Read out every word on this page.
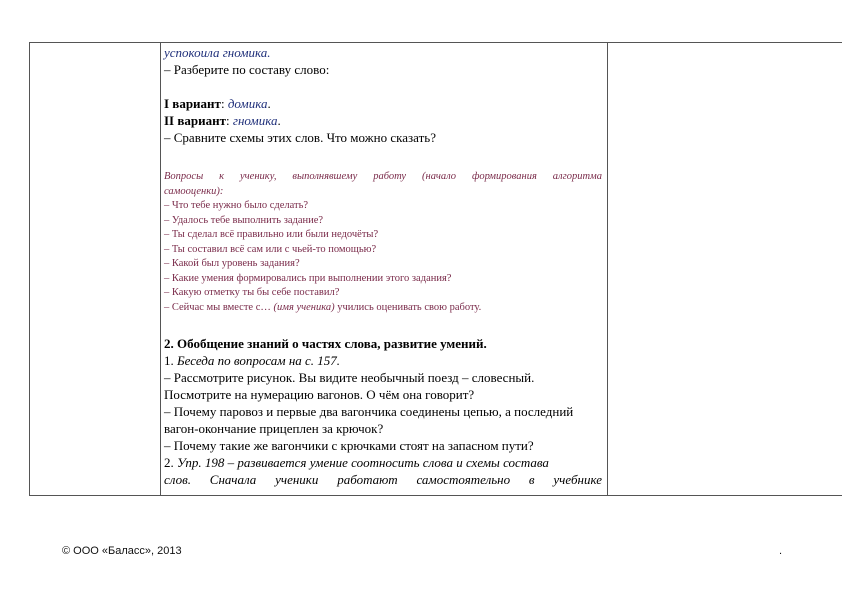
успокоила гномика.
– Разберите по составу слово:
I вариант: домика.
II вариант: гномика.
– Сравните схемы этих слов. Что можно сказать?
Вопросы к ученику, выполнявшему работу (начало формирования алгоритма
самооценки):
– Что тебе нужно было сделать?
– Удалось тебе выполнить задание?
– Ты сделал всё правильно или были недочёты?
– Ты составил всё сам или с чьей-то помощью?
– Какой был уровень задания?
– Какие умения формировались при выполнении этого задания?
– Какую отметку ты бы себе поставил?
– Сейчас мы вместе с… (имя ученика) учились оценивать свою работу.
2. Обобщение знаний о частях слова, развитие умений.
1. Беседа по вопросам на с. 157.
– Рассмотрите рисунок. Вы видите необычный поезд – словесный.
Посмотрите на нумерацию вагонов. О чём она говорит?
– Почему паровоз и первые два вагончика соединены цепью, а последний
вагон-окончание прицеплен за крючок?
– Почему такие же вагончики с крючками стоят на запасном пути?
2. Упр. 198 – развивается умение соотносить слова и схемы состава
слов. Сначала ученики работают самостоятельно в учебнике
© ООО «Баласс», 2013	.
